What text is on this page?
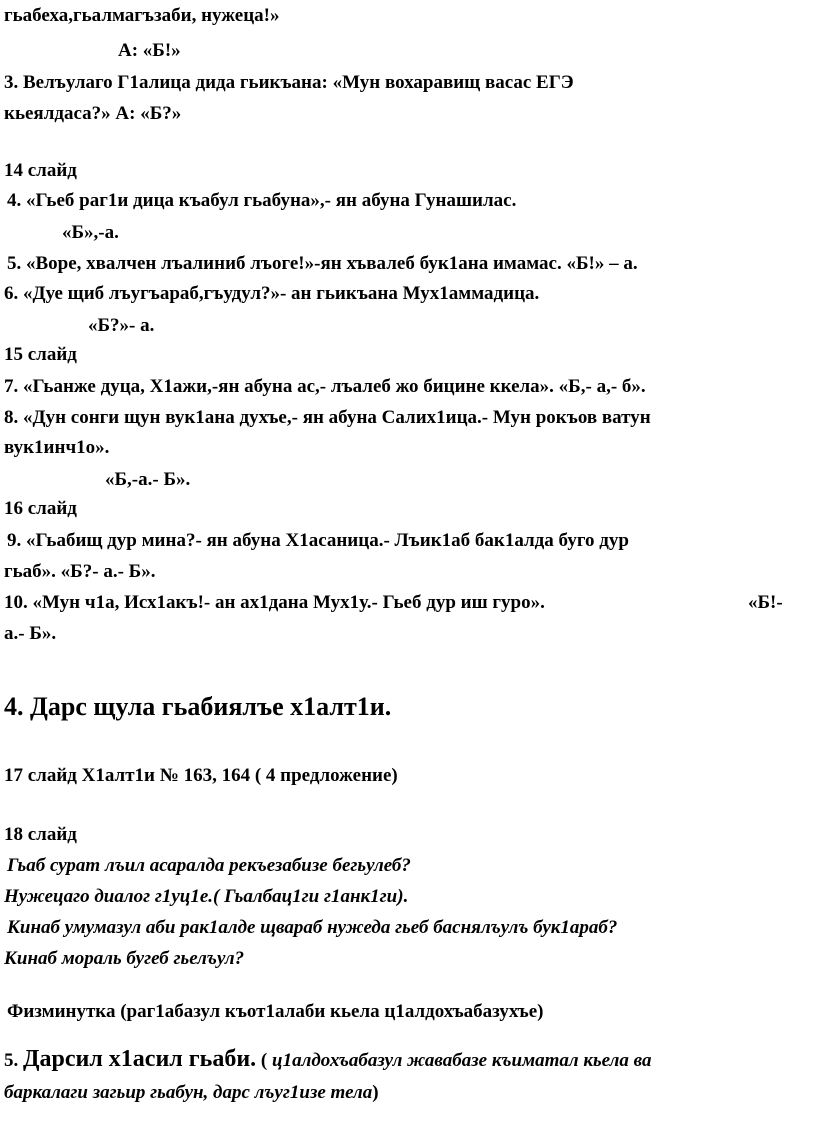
гьабеха,гьалмагъзаби, нужеца!»
А: «Б!»
3. Велъулаго Г1алица дида гьикъана: «Мун вохаравищ васас ЕГЭ
кьеялдаса?» А: «Б?»
14 слайд
4. «Гьеб раг1и дица къабул гьабуна»,- ян абуна Гунашилас.
«Б»,-а.
5. «Воре, хвалчен лъалиниб лъоге!»-ян хъвалеб бук1ана имамас. «Б!» – а.
6. «Дуе щиб лъугъараб,гъудул?»- ан гьикъана Мух1аммадица.
«Б?»- а.
15 слайд
7. «Гьанже дуца, Х1ажи,-ян абуна ас,- лъалеб жо бицине ккела». «Б,- а,- б».
8. «Дун сонги щун вук1ана духъе,- ян абуна Салих1ица.- Мун рокъов ватун
вук1инч1о».
«Б,-а.- Б».
16 слайд
9. «Гьабищ дур мина?- ян абуна Х1асаница.- Лъик1аб бак1алда буго дур
гьаб». «Б?- а.- Б».
10. «Мун ч1а, Исх1акъ!- ан ах1дана Мух1у.- Гьеб дур иш гуро».	«Б!-
а.- Б».
4. Дарс щула гьабиялъе х1алт1и.
17 слайд Х1алт1и № 163, 164 ( 4 предложение)
18 слайд
Гьаб сурат лъил асаралда рекъезабизе бегьулеб?
Нужецаго диалог г1уц1е.( Гьалбац1ги г1анк1ги).
Кинаб умумазул аби рак1алде щвараб нужеда гьеб баснялъулъ бук1араб?
Кинаб мораль бугеб гьелъул?
Физминутка (раг1абазул къот1алаби кьела ц1алдохъабазухъе)
5. Дарсил х1асил гьаби. ( ц1алдохъабазул жавабазе къиматал кьела ва
баркалаги загьир гьабун, дарс лъуг1изе тела)
